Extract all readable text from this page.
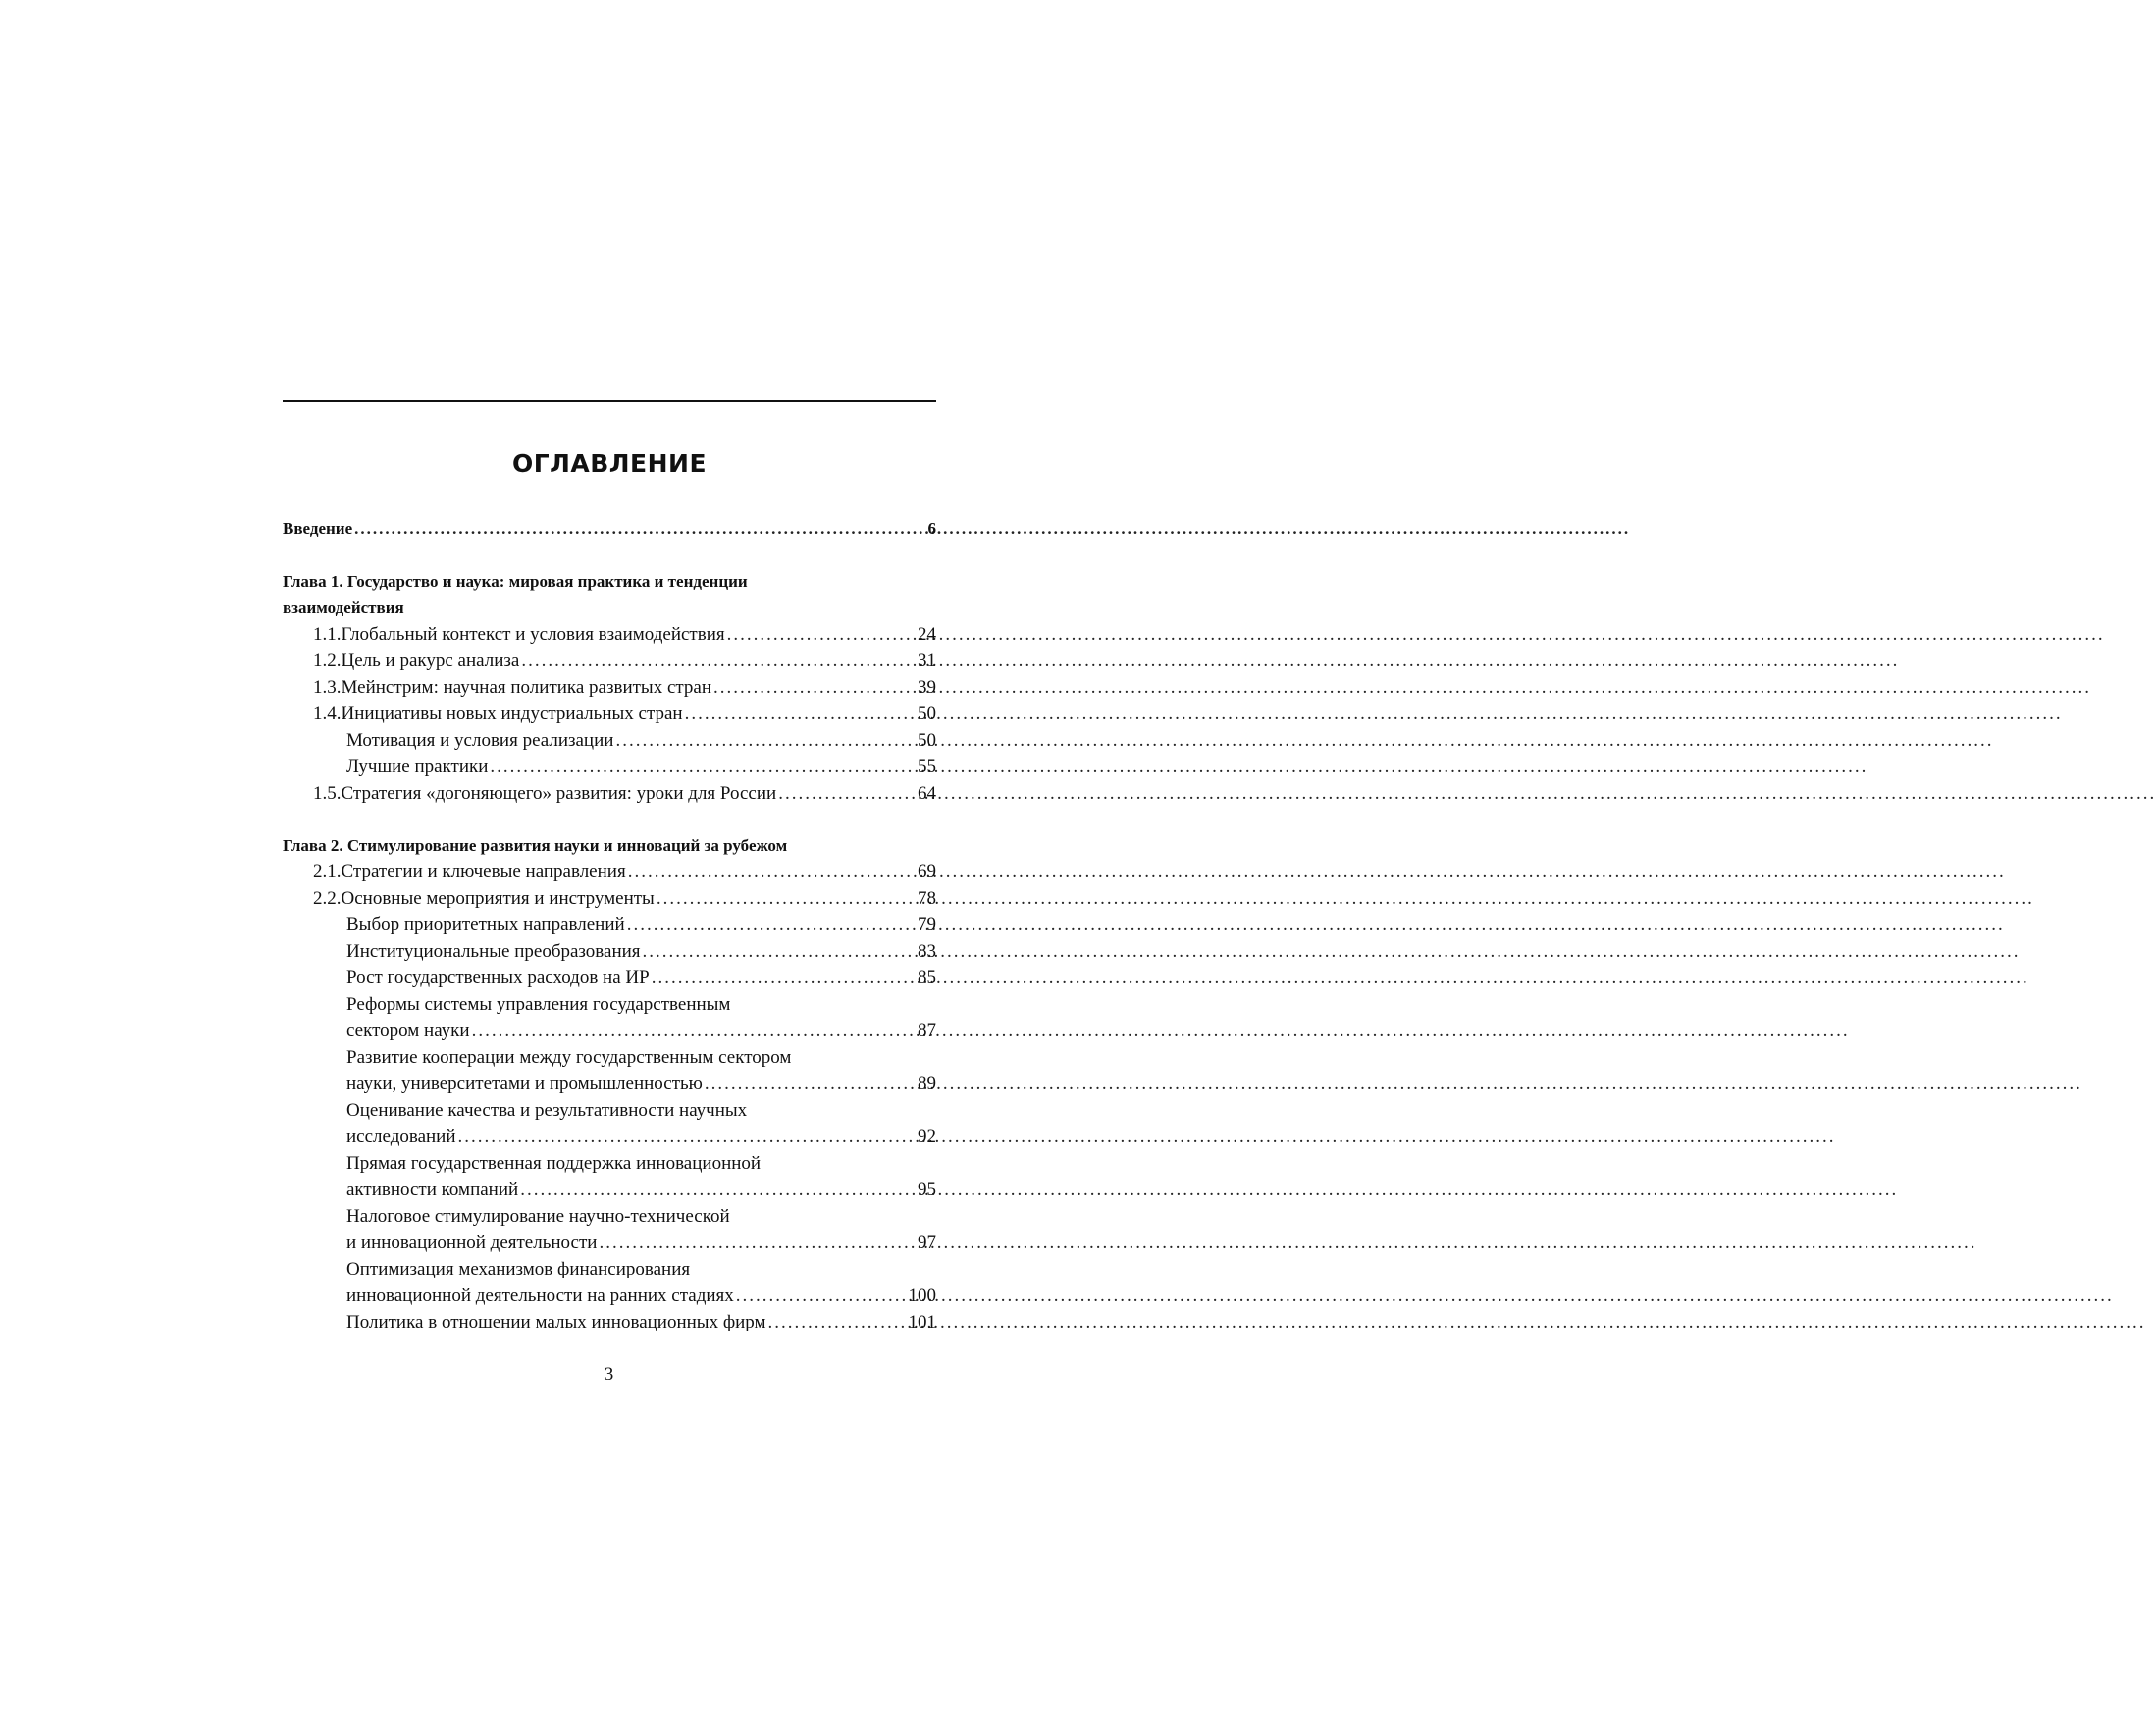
ОГЛАВЛЕНИЕ
Введение .....	6
Глава 1. Государство и наука: мировая практика и тенденции
взаимодействия
1.1. Глобальный контекст и условия взаимодействия .....	24
1.2. Цель и ракурс анализа .....	31
1.3. Мейнстрим: научная политика развитых стран .....	39
1.4. Инициативы новых индустриальных стран .....	50
Мотивация и условия реализации .....	50
Лучшие практики .....	55
1.5. Стратегия «догоняющего» развития: уроки для России .....	64
Глава 2. Стимулирование развития науки и инноваций за рубежом
2.1. Стратегии и ключевые направления .....	69
2.2. Основные мероприятия и инструменты .....	78
Выбор приоритетных направлений .....	79
Институциональные преобразования .....	83
Рост государственных расходов на ИР .....	85
Реформы системы управления государственным
сектором науки .....	87
Развитие кооперации между государственным сектором
науки, университетами и промышленностью .....	89
Оценивание качества и результативности научных
исследований .....	92
Прямая государственная поддержка инновационной
активности компаний .....	95
Налоговое стимулирование научно-технической
и инновационной деятельности .....	97
Оптимизация механизмов финансирования
инновационной деятельности на ранних стадиях .....	100
Политика в отношении малых инновационных фирм .....	101
3
